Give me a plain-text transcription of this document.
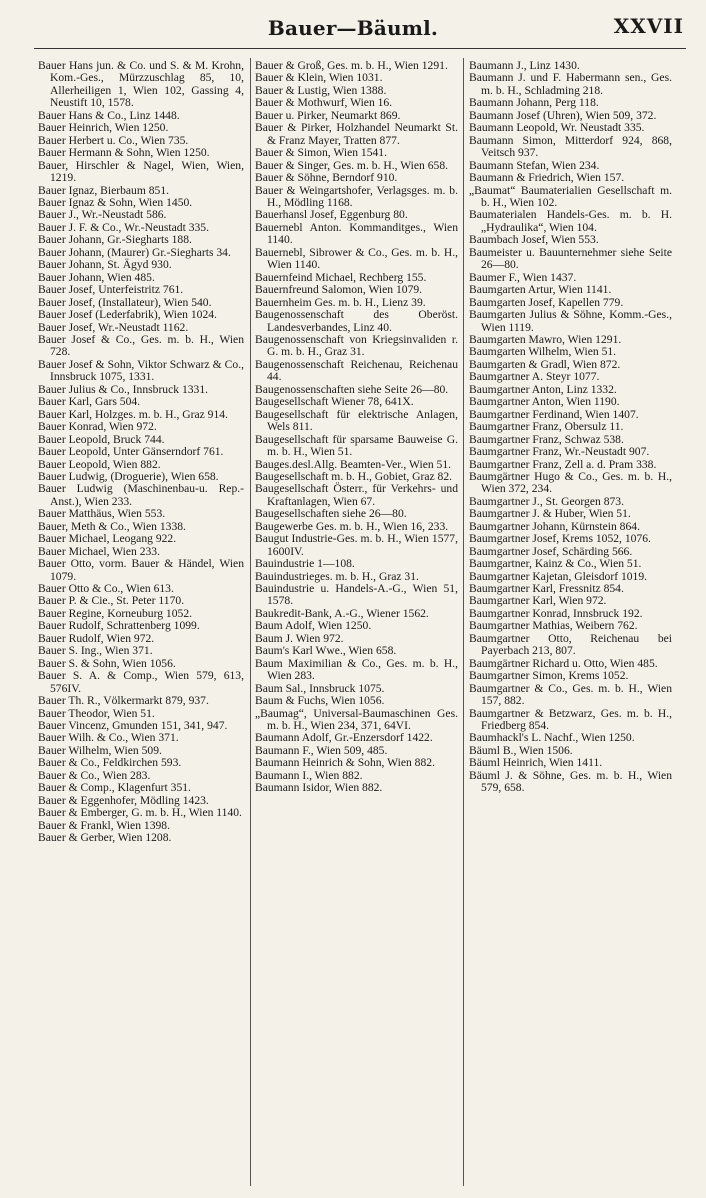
Bauer—Bäuml.	XXVII
Bauer Hans jun. & Co. und S. & M. Krohn, Kom.-Ges., Mürzzuschlag 85, 10, Allerheiligen 1, Wien 102, Gassing 4, Neustift 10, 1578.
Bauer Hans & Co., Linz 1448.
Bauer Heinrich, Wien 1250.
Bauer Herbert u. Co., Wien 735.
Bauer Hermann & Sohn, Wien 1250.
Bauer, Hirschler & Nagel, Wien, Wien, 1219.
Bauer Ignaz, Bierbaum 851.
Bauer Ignaz & Sohn, Wien 1450.
Bauer J., Wr.-Neustadt 586.
Bauer J. F. & Co., Wr.-Neustadt 335.
Bauer Johann, Gr.-Siegharts 188.
Bauer Johann, (Maurer) Gr.-Siegharts 34.
Bauer Johann, St. Ägyd 930.
Bauer Johann, Wien 485.
Bauer Josef, Unterfeistritz 761.
Bauer Josef, (Installateur), Wien 540.
Bauer Josef (Lederfabrik), Wien 1024.
Bauer Josef, Wr.-Neustadt 1162.
Bauer Josef & Co., Ges. m. b. H., Wien 728.
Bauer Josef & Sohn, Viktor Schwarz & Co., Innsbruck 1075, 1331.
Bauer Julius & Co., Innsbruck 1331.
Bauer Karl, Gars 504.
Bauer Karl, Holzges. m. b. H., Graz 914.
Bauer Konrad, Wien 972.
Bauer Leopold, Bruck 744.
Bauer Leopold, Unter Gänserndorf 761.
Bauer Leopold, Wien 882.
Bauer Ludwig, (Droguerie), Wien 658.
Bauer Ludwig (Maschinenbau-u. Rep.-Anst.), Wien 233.
Bauer Matthäus, Wien 553.
Bauer, Meth & Co., Wien 1338.
Bauer Michael, Leogang 922.
Bauer Michael, Wien 233.
Bauer Otto, vorm. Bauer & Händel, Wien 1079.
Bauer Otto & Co., Wien 613.
Bauer P. & Cie., St. Peter 1170.
Bauer Regine, Korneuburg 1052.
Bauer Rudolf, Schrattenberg 1099.
Bauer Rudolf, Wien 972.
Bauer S. Ing., Wien 371.
Bauer S. & Sohn, Wien 1056.
Bauer S. A. & Comp., Wien 579, 613, 576IV.
Bauer Th. R., Völkermarkt 879, 937.
Bauer Theodor, Wien 51.
Bauer Vincenz, Gmunden 151, 341, 947.
Bauer Wilh. & Co., Wien 371.
Bauer Wilhelm, Wien 509.
Bauer & Co., Feldkirchen 593.
Bauer & Co., Wien 283.
Bauer & Comp., Klagenfurt 351.
Bauer & Eggenhofer, Mödling 1423.
Bauer & Emberger, G. m. b. H., Wien 1140.
Bauer & Frankl, Wien 1398.
Bauer & Gerber, Wien 1208.
Bauer & Groß, Ges. m. b. H., Wien 1291.
Bauer & Klein, Wien 1031.
Bauer & Lustig, Wien 1388.
Bauer & Mothwurf, Wien 16.
Bauer u. Pirker, Neumarkt 869.
Bauer & Pirker, Holzhandel Neumarkt St. & Franz Mayer, Tratten 877.
Bauer & Simon, Wien 1541.
Bauer & Singer, Ges. m. b. H., Wien 658.
Bauer & Söhne, Berndorf 910.
Bauer & Weingartshofer, Verlagsges. m. b. H., Mödling 1168.
Bauerhansl Josef, Eggenburg 80.
Bauernebl Anton. Kommanditges., Wien 1140.
Bauernebl, Sibrower & Co., Ges. m. b. H., Wien 1140.
Bauernfeind Michael, Rechberg 155.
Bauernfreund Salomon, Wien 1079.
Bauernheim Ges. m. b. H., Lienz 39.
Baugenossenschaft des Oberöst. Landesverbandes, Linz 40.
Baugenossenschaft von Kriegsinvaliden r. G. m. b. H., Graz 31.
Baugenossenschaft Reichenau, Reichenau 44.
Baugenossenschaften siehe Seite 26—80.
Baugesellschaft Wiener 78, 641X.
Baugesellschaft für elektrische Anlagen, Wels 811.
Baugesellschaft für sparsame Bauweise G. m. b. H., Wien 51.
Bauges.desl.Allg. Beamten-Ver., Wien 51.
Baugesellschaft m. b. H., Gobiet, Graz 82.
Baugesellschaft Österr., für Verkehrs- und Kraftanlagen, Wien 67.
Baugesellschaften siehe 26—80.
Baugewerbe Ges. m. b. H., Wien 16, 233.
Baugut Industrie-Ges. m. b. H., Wien 1577, 1600IV.
Bauindustrie 1—108.
Bauindustrieges. m. b. H., Graz 31.
Bauindustrie u. Handels-A.-G., Wien 51, 1578.
Baukredit-Bank, A.-G., Wiener 1562.
Baum Adolf, Wien 1250.
Baum J. Wien 972.
Baum's Karl Wwe., Wien 658.
Baum Maximilian & Co., Ges. m. b. H., Wien 283.
Baum Sal., Innsbruck 1075.
Baum & Fuchs, Wien 1056.
„Baumag“, Universal-Baumaschinen Ges. m. b. H., Wien 234, 371, 64VI.
Baumann Adolf, Gr.-Enzersdorf 1422.
Baumann F., Wien 509, 485.
Baumann Heinrich & Sohn, Wien 882.
Baumann I., Wien 882.
Baumann Isidor, Wien 882.
Baumann J., Linz 1430.
Baumann J. und F. Habermann sen., Ges. m. b. H., Schladming 218.
Baumann Johann, Perg 118.
Baumann Josef (Uhren), Wien 509, 372.
Baumann Leopold, Wr. Neustadt 335.
Baumann Simon, Mitterdorf 924, 868, Veitsch 937.
Baumann Stefan, Wien 234.
Baumann & Friedrich, Wien 157.
„Baumat“ Baumaterialien Gesellschaft m. b. H., Wien 102.
Baumaterialen Handels-Ges. m. b. H. „Hydraulika“, Wien 104.
Baumbach Josef, Wien 553.
Baumeister u. Bauunternehmer siehe Seite 26—80.
Baumer F., Wien 1437.
Baumgarten Artur, Wien 1141.
Baumgarten Josef, Kapellen 779.
Baumgarten Julius & Söhne, Komm.-Ges., Wien 1119.
Baumgarten Mawro, Wien 1291.
Baumgarten Wilhelm, Wien 51.
Baumgarten & Gradl, Wien 872.
Baumgartner A. Steyr 1077.
Baumgartner Anton, Linz 1332.
Baumgartner Anton, Wien 1190.
Baumgartner Ferdinand, Wien 1407.
Baumgartner Franz, Obersulz 11.
Baumgartner Franz, Schwaz 538.
Baumgartner Franz, Wr.-Neustadt 907.
Baumgartner Franz, Zell a. d. Pram 338.
Baumgärtner Hugo & Co., Ges. m. b. H., Wien 372, 234.
Baumgartner J., St. Georgen 873.
Baumgartner J. & Huber, Wien 51.
Baumgartner Johann, Kürnstein 864.
Baumgartner Josef, Krems 1052, 1076.
Baumgartner Josef, Schärding 566.
Baumgartner, Kainz & Co., Wien 51.
Baumgartner Kajetan, Gleisdorf 1019.
Baumgartner Karl, Fressnitz 854.
Baumgartner Karl, Wien 972.
Baumgartner Konrad, Innsbruck 192.
Baumgartner Mathias, Weibern 762.
Baumgartner Otto, Reichenau bei Payerbach 213, 807.
Baumgärtner Richard u. Otto, Wien 485.
Baumgartner Simon, Krems 1052.
Baumgartner & Co., Ges. m. b. H., Wien 157, 882.
Baumgartner & Betzwarz, Ges. m. b. H., Friedberg 854.
Baumhackl's L. Nachf., Wien 1250.
Bäuml B., Wien 1506.
Bäuml Heinrich, Wien 1411.
Bäuml J. & Söhne, Ges. m. b. H., Wien 579, 658.
